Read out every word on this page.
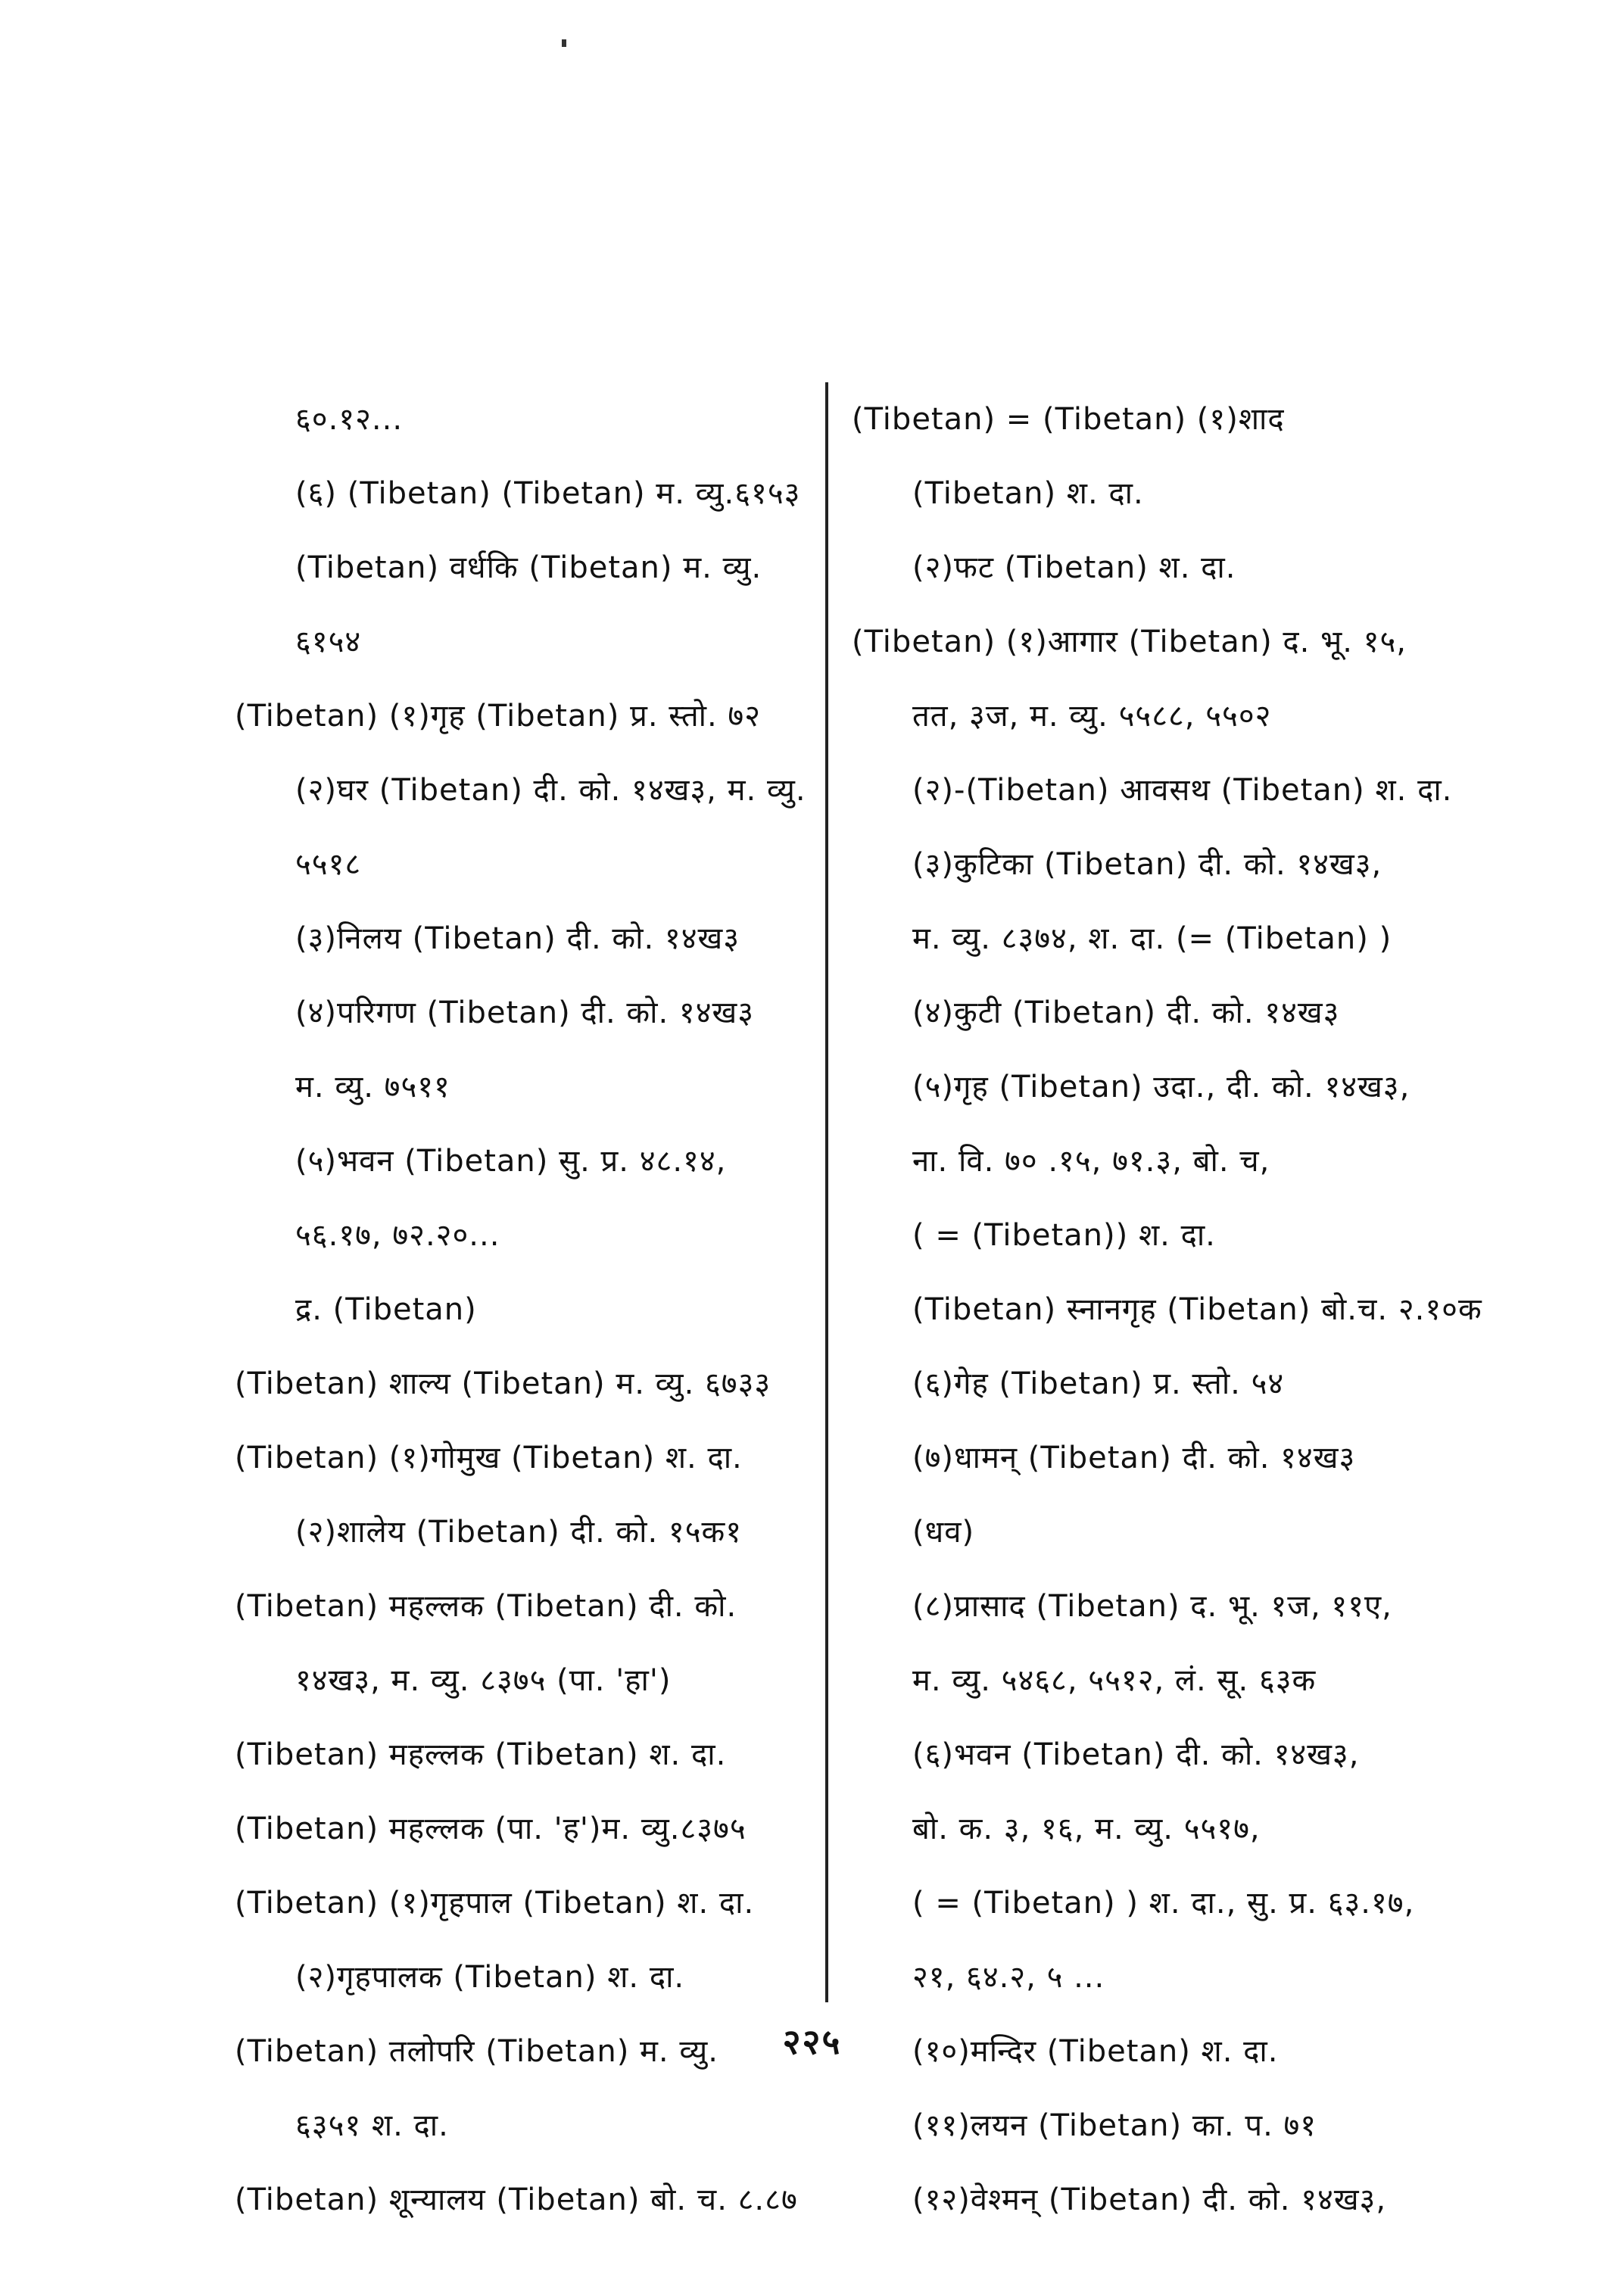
६०.१२...
(६) (Tibetan) (Tibetan) म. व्यु.६१५३
(Tibetan) वर्धकि (Tibetan) म. व्यु.
६१५४
(Tibetan) (१)गृह (Tibetan) प्र. स्तो. ७२
(२)घर (Tibetan) दी. को. १४ख३, म. व्यु.
५५१८
(३)निलय (Tibetan) दी. को. १४ख३
(४)परिगण (Tibetan) दी. को. १४ख३
म. व्यु. ७५११
(५)भवन (Tibetan) सु. प्र. ४८.१४,
५६.१७, ७२.२०...
द्र. (Tibetan)
(Tibetan) शाल्य (Tibetan) म. व्यु. ६७३३
(Tibetan) (१)गोमुख (Tibetan) श. दा.
(२)शालेय (Tibetan) दी. को. १५क१
(Tibetan) महल्लक (Tibetan) दी. को.
१४ख३, म. व्यु. ८३७५ (पा. 'हा')
(Tibetan) महल्लक (Tibetan) श. दा.
(Tibetan) महल्लक (पा. 'ह')म. व्यु.८३७५
(Tibetan) (१)गृहपाल (Tibetan) श. दा.
(२)गृहपालक (Tibetan) श. दा.
(Tibetan) तलोपरि (Tibetan) म. व्यु.
६३५१ श. दा.
(Tibetan) शून्यालय (Tibetan) बो. च. ८.८७
(Tibetan) = (Tibetan) (१)शाद
(Tibetan) श. दा.
(२)फट (Tibetan) श. दा.
(Tibetan) (१)आगार (Tibetan) द. भू. १५,
तत, ३ज, म. व्यु. ५५८८, ५५०२
(२)-(Tibetan) आवसथ (Tibetan) श. दा.
(३)कुटिका (Tibetan) दी. को. १४ख३,
म. व्यु. ८३७४, श. दा. (= (Tibetan) )
(४)कुटी (Tibetan) दी. को. १४ख३
(५)गृह (Tibetan) उदा., दी. को. १४ख३,
ना. वि. ७० .१५, ७१.३, बो. च,
( = (Tibetan)) श. दा.
(Tibetan) स्नानगृह (Tibetan) बो.च. २.१०क
(६)गेह (Tibetan) प्र. स्तो. ५४
(७)धामन् (Tibetan) दी. को. १४ख३
(धव)
(८)प्रासाद (Tibetan) द. भू. १ज, ११ए,
म. व्यु. ५४६८, ५५१२, लं. सू. ६३क
(६)भवन (Tibetan) दी. को. १४ख३,
बो. क. ३, १६, म. व्यु. ५५१७,
( = (Tibetan) ) श. दा., सु. प्र. ६३.१७,
२१, ६४.२, ५ ...
(१०)मन्दिर (Tibetan) श. दा.
(११)लयन (Tibetan) का. प. ७१
(१२)वेश्मन् (Tibetan) दी. को. १४ख३,
२२५
